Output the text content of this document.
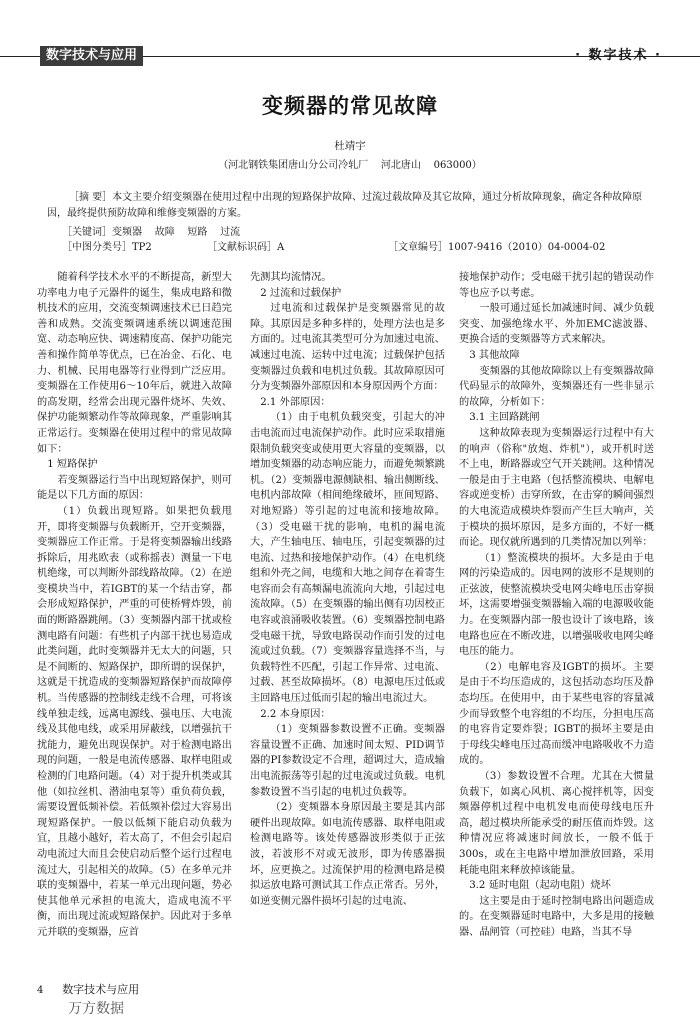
数字技术与应用	· 数字技术 ·
变频器的常见故障
杜靖宇
（河北钢铁集团唐山分公司冷轧厂    河北唐山    063000）
［摘 要］本文主要介绍变频器在使用过程中出现的短路保护故障、过流过载故障及其它故障，通过分析故障现象，确定各种故障原因，最终提供预防故障和维修变频器的方案。
［关键词］变频器    故障    短路    过流
［中图分类号］TP2	［文献标识码］A	［文章编号］1007-9416（2010）04-0004-02

随着科学技术水平的不断提高，新型大功率电力电子元器件的诞生，集成电路和微机技术的应用，交流变频调速技术已日趋完善和成熟。交流变频调速系统以调速范围宽、动态响应快、调速精度高、保护功能完善和操作简单等优点，已在冶金、石化、电力、机械、民用电器等行业得到广泛应用。变频器在工作使用6～10年后，就进入故障的高发期，经常会出现元器件烧坏、失效、保护功能频繁动作等故障现象，严重影响其正常运行。变频器在使用过程中的常见故障如下：

1 短路保护

若变频器运行当中出现短路保护，则可能是以下几方面的原因：

（1）负载出现短路。如果把负载甩开，即将变频器与负载断开，空开变频器，变频器应工作正常。于是将变频器输出线路拆除后，用兆欧表（或称摇表）测量一下电机绝缘，可以判断外部线路故障。（2）在逆变模块当中，若IGBT的某一个结击穿，都会形成短路保护，严重的可使桥臂炸毁，前面的断路器跳闸。（3）变频器内部干扰或检测电路有问题：有些机子内部干扰也易造成此类问题，此时变频器并无太大的问题，只是不间断的、短路保护，即所谓的误保护，这就是干扰造成的变频器短路保护而故障停机。当传感器的控制线走线不合理，可将该线单独走线，远离电源线、强电压、大电流线及其他电线，或采用屏蔽线，以增强抗干扰能力，避免出现误保护。对于检测电路出现的问题，一般是电流传感器、取样电阻或检测的门电路问题。（4）对于提升机类或其他（如拉丝机、潜油电泵等）重负荷负载，需要设置低频补偿。若低频补偿过大容易出现短路保护。一般以低频下能启动负载为宜，且越小越好，若太高了，不但会引起启动电流过大而且会使启动后整个运行过程电流过大，引起相关的故障。（5）在多单元并联的变频器中，若某一单元出现问题，势必使其他单元承担的电流大，造成电流不平衡，而出现过流或短路保护。因此对于多单元并联的变频器，应首

先测其均流情况。

2 过流和过载保护

过电流和过载保护是变频器常见的故障。其原因是多种多样的，处理方法也是多方面的。过电流其类型可分为加速过电流、减速过电流、运转中过电流；过载保护包括变频器过负载和电机过负载。其故障原因可分为变频器外部原因和本身原因两个方面：

2.1 外部原因：

（1）由于电机负载突变，引起大的冲击电流而过电流保护动作。此时应采取措施限制负载突变或使用更大容量的变频器，以增加变频器的动态响应能力，而避免频繁跳机。（2）变频器电源侧缺相、输出侧断线、电机内部故障（相间绝缘破坏，匝间短路、对地短路）等引起的过电流和接地故障。（3）受电磁干扰的影响，电机的漏电流大，产生轴电压、轴电压，引起变频器的过电流、过热和接地保护动作。（4）在电机绕组和外壳之间，电缆和大地之间存在着寄生电容而会有高频漏电流流向大地，引起过电流故障。（5）在变频器的输出侧有功因校正电容或浪涌吸收装置。（6）变频器控制电路受电磁干扰，导致电路误动作而引发的过电流或过负载。（7）变频器容量选择不当，与负载特性不匹配，引起工作异常、过电流、过载、甚至故障损坏。（8）电源电压过低或主回路电压过低而引起的输出电流过大。

2.2 本身原因：

（1）变频器参数设置不正确。变频器容量设置不正确、加速时间太短、PID调节器的PI参数设定不合理，超调过大，造成输出电流振荡等引起的过电流或过负载。电机参数设置不当引起的电机过负载等。

（2）变频器本身原因最主要是其内部硬件出现故障。如电流传感器、取样电阻或检测电路等。该处传感器波形类似于正弦波，若波形不对或无波形，即为传感器损坏，应更换之。过流保护用的检测电路是模拟运放电路可测试其工作点正常否。另外，如逆变侧元器件损坏引起的过电流、

接地保护动作；受电磁干扰引起的错误动作等也应予以考虑。

一般可通过延长加减速时间、减少负载突变、加强绝缘水平、外加EMC滤波器、更换合适的变频器等方式来解决。

3 其他故障

变频器的其他故障除以上有变频器故障代码显示的故障外，变频器还有一些非显示的故障，分析如下：

3.1 主回路跳闸

这种故障表现为变频器运行过程中有大的响声（俗称"放炮、炸机"），或开机时送不上电，断路器或空气开关跳闸。这种情况一般是由于主电路（包括整流模块、电解电容或逆变桥）击穿所致，在击穿的瞬间强烈的大电流造成模块炸裂而产生巨大响声，关于模块的损坏原因，是多方面的，不好一概而论。现仅就所遇到的几类情况加以列举：

（1）整流模块的损坏。大多是由于电网的污染造成的。因电网的波形不是规则的正弦波，使整流模块受电网尖峰电压击穿损坏，这需要增强变频器输入端的电源吸收能力。在变频器内部一般也设计了该电路，该电路也应在不断改进，以增强吸收电网尖峰电压的能力。

（2）电解电容及IGBT的损坏。主要是由于不均压造成的，这包括动态均压及静态均压。在使用中，由于某些电容的容量减少而导致整个电容组的不均压，分担电压高的电容肯定要炸裂；IGBT的损坏主要是由于母线尖峰电压过高而缓冲电路吸收不力造成的。

（3）参数设置不合理。尤其在大惯量负载下，如离心风机、离心搅拌机等，因变频器停机过程中电机发电而使母线电压升高，超过模块所能承受的耐压值而炸毁。这种情况应将减速时间放长，一般不低于300s，或在主电路中增加泄放回路，采用耗能电阻来释放掉该能量。

3.2 延时电阻（起动电阻）烧坏

这主要是由于延时控制电路出问题造成的。在变频器延时电路中，大多是用的接触器、晶闸管（可控硅）电路，当其不导

4 数字技术与应用
万方数据
